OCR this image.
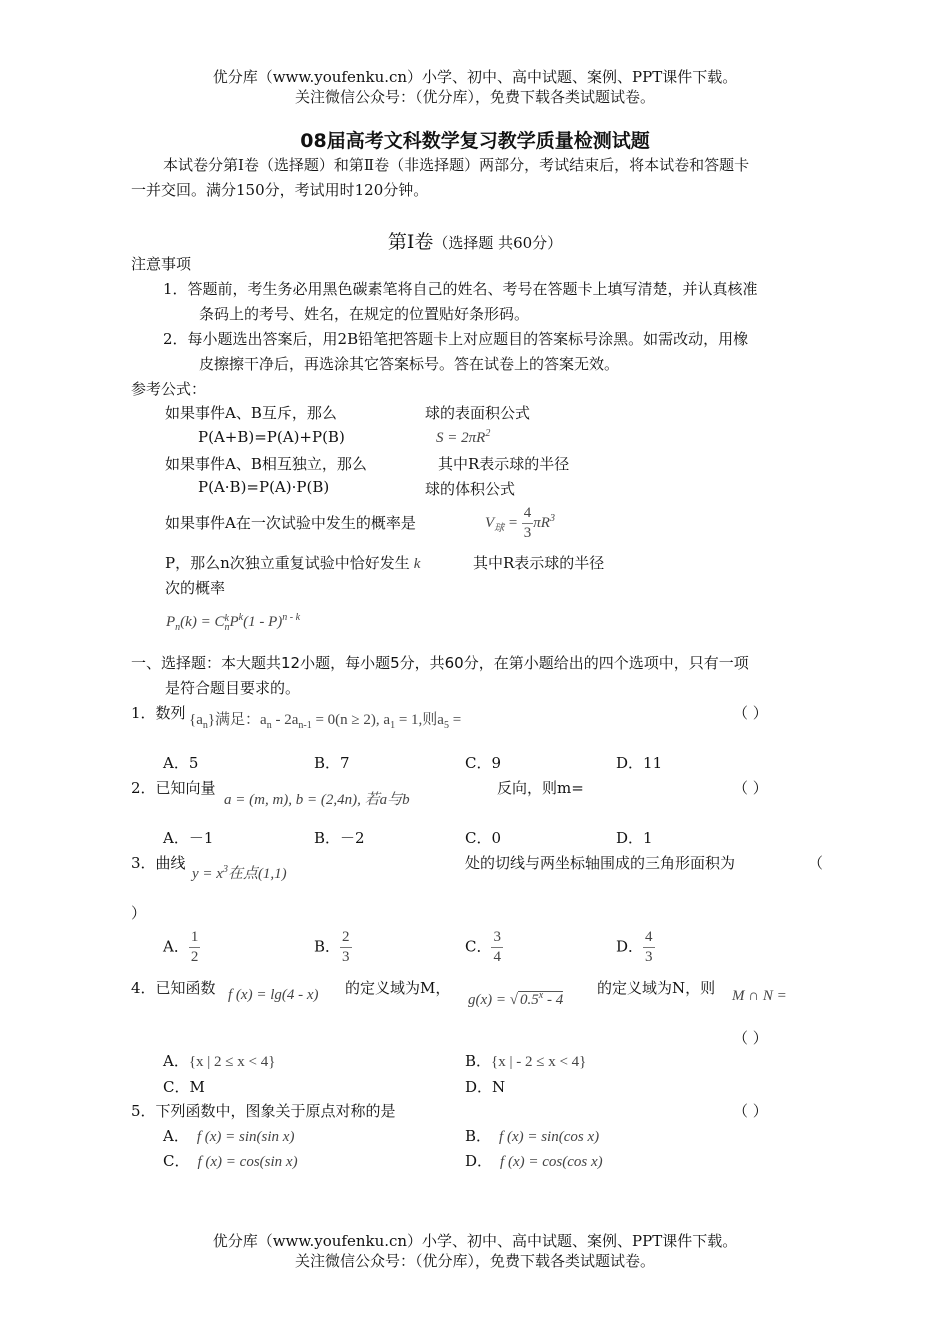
优分库（www.youfenku.cn）小学、初中、高中试题、案例、PPT课件下载。
关注微信公众号：（优分库），免费下载各类试题试卷。
08届高考文科数学复习教学质量检测试题
本试卷分第Ⅰ卷（选择题）和第Ⅱ卷（非选择题）两部分，考试结束后，将本试卷和答题卡
一并交回。满分150分，考试用时120分钟。
第Ⅰ卷（选择题 共60分）
注意事项
1．答题前，考生务必用黑色碳素笔将自己的姓名、考号在答题卡上填写清楚，并认真核准
条码上的考号、姓名，在规定的位置贴好条形码。
2．每小题选出答案后，用2B铅笔把答题卡上对应题目的答案标号涂黑。如需改动，用橡
皮擦擦干净后，再选涂其它答案标号。答在试卷上的答案无效。
参考公式：
如果事件A、B互斥，那么	球的表面积公式
P(A+B)=P(A)+P(B)	$S = 2\pi R^2$
如果事件A、B相互独立，那么	其中R表示球的半径
P(A·B)=P(A)·P(B)	球的体积公式
如果事件A在一次试验中发生的概率是	$V_球 = \frac{4}{3} \pi R^3$
P，那么n次独立重复试验中恰好发生 k	其中R表示球的半径
次的概率
$P_n(k) = C$ k
n $P^k(1 - P)^{n - k}$
一、选择题：本大题共12小题，每小题5分，共60分，在第小题给出的四个选项中，只有一项
是符合题目要求的。
1．数列 $\{a_n\}$满足：$a_n - 2a_{n-1} = 0(n \ge 2)$, $a_1 = 1$,则$a_5$ =	（ ）
A．5	B．7	C．9	D．11
2．已知向量
a = (m, m), b = (2,4n), 若a与b
反向，则m=	（ ）
A．－1	B．－2	C．0	D．1
3．曲线
$y = x^3$在点(1,1)
处的切线与两坐标轴围成的三角形面积为	（
）
A． $\frac{1}{2}$	B． $\frac{2}{3}$	C． $\frac{3}{4}$	D． $\frac{4}{3}$
4．已知函数 f (x) = lg(4 - x) 的定义域为M，
g(x) = √ 0.5$^x$ - 4
的定义域为N，则 M ∩ N =
（ ）
A．{x | 2 ≤ x < 4}	B．{x | - 2 ≤ x < 4}
C．M	D．N
5．下列函数中，图象关于原点对称的是	（ ）
A． f (x) = sin(sin x)	B． f (x) = sin(cos x)
C． f (x) = cos(sin x)	D． f (x) = cos(cos x)
优分库（www.youfenku.cn）小学、初中、高中试题、案例、PPT课件下载。
关注微信公众号：（优分库），免费下载各类试题试卷。
